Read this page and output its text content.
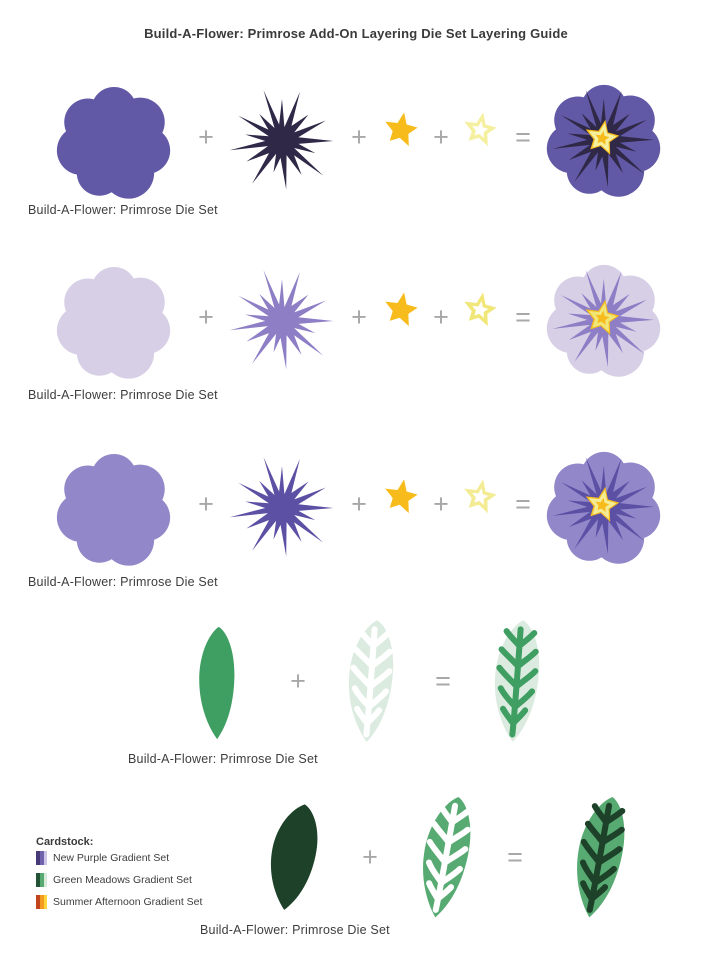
Build-A-Flower: Primrose Add-On Layering Die Set Layering Guide
+	+ + =
Build-A-Flower: Primrose Die Set
+	+ + =
Build-A-Flower: Primrose Die Set
+	+ + =
Build-A-Flower: Primrose Die Set
+	=
Build-A-Flower: Primrose Die Set
+	=
Build-A-Flower: Primrose Die Set
Cardstock:
New Purple Gradient Set
Green Meadows Gradient Set
Summer Afternoon Gradient Set
